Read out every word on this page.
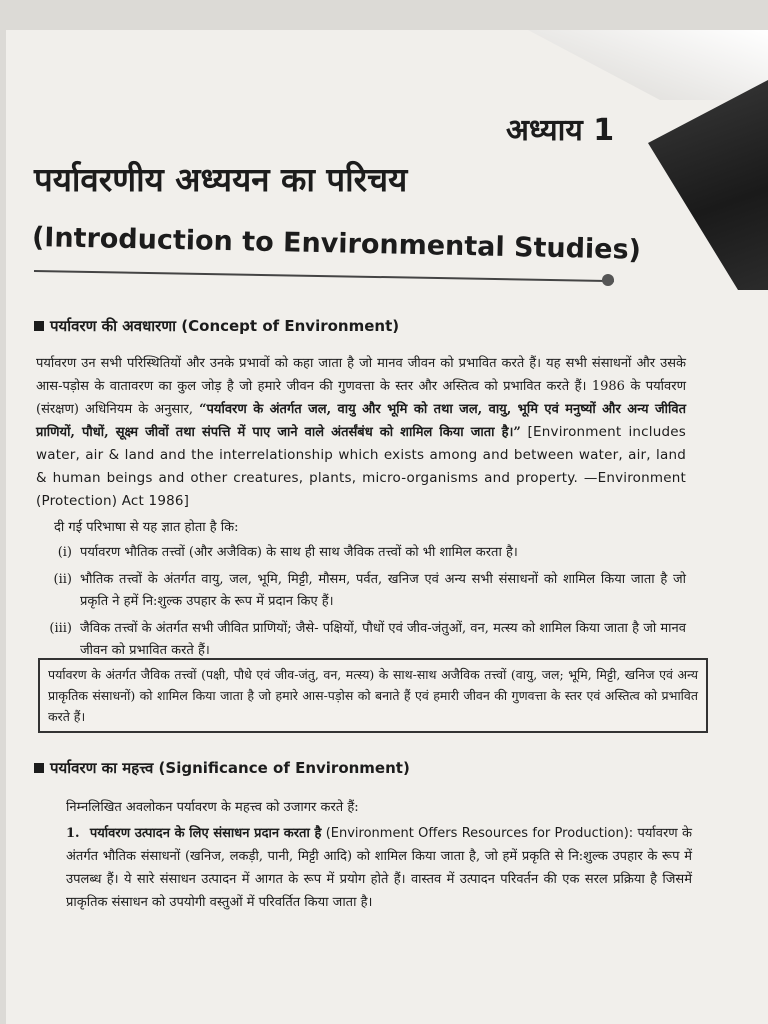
अध्याय 1
पर्यावरणीय अध्ययन का परिचय
(Introduction to Environmental Studies)
पर्यावरण की अवधारणा (Concept of Environment)
पर्यावरण उन सभी परिस्थितियों और उनके प्रभावों को कहा जाता है जो मानव जीवन को प्रभावित करते हैं। यह सभी संसाधनों और उसके आस-पड़ोस के वातावरण का कुल जोड़ है जो हमारे जीवन की गुणवत्ता के स्तर और अस्तित्व को प्रभावित करते हैं। 1986 के पर्यावरण (संरक्षण) अधिनियम के अनुसार, “पर्यावरण के अंतर्गत जल, वायु और भूमि को तथा जल, वायु, भूमि एवं मनुष्यों और अन्य जीवित प्राणियों, पौधों, सूक्ष्म जीवों तथा संपत्ति में पाए जाने वाले अंतर्संबंध को शामिल किया जाता है।” [Environment includes water, air & land and the interrelationship which exists among and between water, air, land & human beings and other creatures, plants, micro-organisms and property. —Environment (Protection) Act 1986]
दी गई परिभाषा से यह ज्ञात होता है कि:
(i) पर्यावरण भौतिक तत्त्वों (और अजैविक) के साथ ही साथ जैविक तत्त्वों को भी शामिल करता है।
(ii) भौतिक तत्त्वों के अंतर्गत वायु, जल, भूमि, मिट्टी, मौसम, पर्वत, खनिज एवं अन्य सभी संसाधनों को शामिल किया जाता है जो प्रकृति ने हमें नि:शुल्क उपहार के रूप में प्रदान किए हैं।
(iii) जैविक तत्त्वों के अंतर्गत सभी जीवित प्राणियों; जैसे- पक्षियों, पौधों एवं जीव-जंतुओं, वन, मत्स्य को शामिल किया जाता है जो मानव जीवन को प्रभावित करते हैं।
पर्यावरण के अंतर्गत जैविक तत्त्वों (पक्षी, पौधे एवं जीव-जंतु, वन, मत्स्य) के साथ-साथ अजैविक तत्त्वों (वायु, जल; भूमि, मिट्टी, खनिज एवं अन्य प्राकृतिक संसाधनों) को शामिल किया जाता है जो हमारे आस-पड़ोस को बनाते हैं एवं हमारी जीवन की गुणवत्ता के स्तर एवं अस्तित्व को प्रभावित करते हैं।
पर्यावरण का महत्त्व (Significance of Environment)
निम्नलिखित अवलोकन पर्यावरण के महत्त्व को उजागर करते हैं:
1. पर्यावरण उत्पादन के लिए संसाधन प्रदान करता है (Environment Offers Resources for Production): पर्यावरण के अंतर्गत भौतिक संसाधनों (खनिज, लकड़ी, पानी, मिट्टी आदि) को शामिल किया जाता है, जो हमें प्रकृति से नि:शुल्क उपहार के रूप में उपलब्ध हैं। ये सारे संसाधन उत्पादन में आगत के रूप में प्रयोग होते हैं। वास्तव में उत्पादन परिवर्तन की एक सरल प्रक्रिया है जिसमें प्राकृतिक संसाधन को उपयोगी वस्तुओं में परिवर्तित किया जाता है।
